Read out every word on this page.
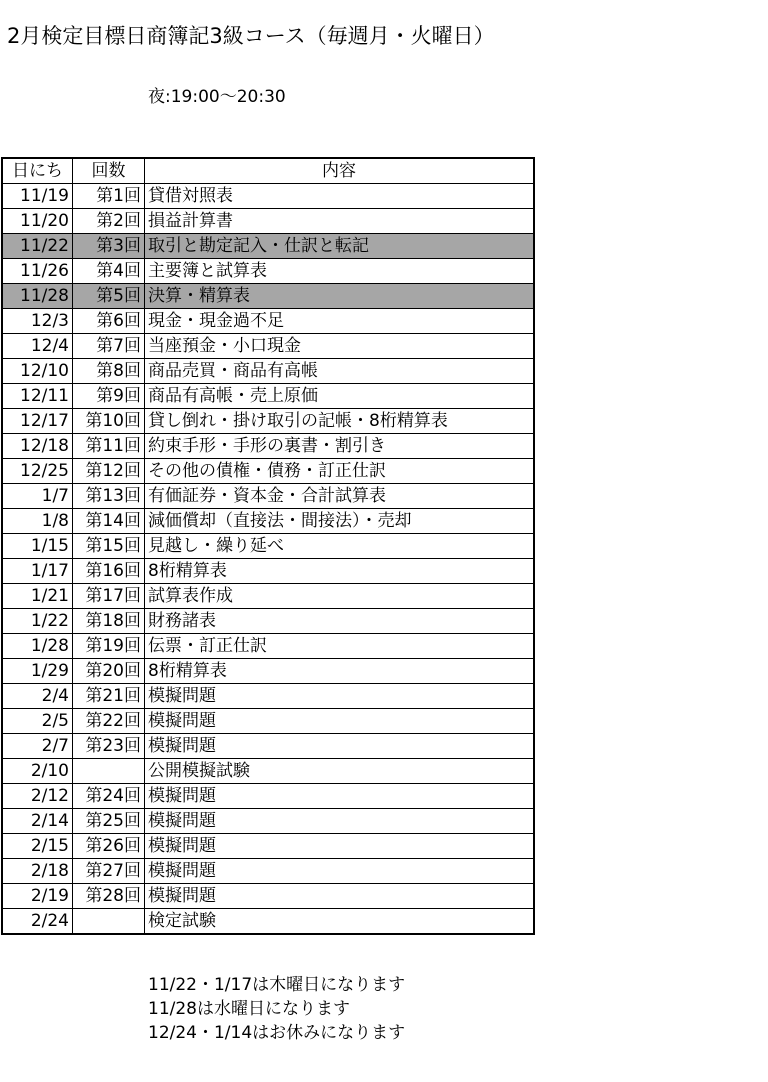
2月検定目標日商簿記3級コース（毎週月・火曜日）
夜:19:00～20:30
日にち	回数	内容
11/19	第1回	貸借対照表
11/20	第2回	損益計算書
11/22	第3回	取引と勘定記入・仕訳と転記
11/26	第4回	主要簿と試算表
11/28	第5回	決算・精算表
12/3	第6回	現金・現金過不足
12/4	第7回	当座預金・小口現金
12/10	第8回	商品売買・商品有高帳
12/11	第9回	商品有高帳・売上原価
12/17	第10回	貸し倒れ・掛け取引の記帳・8桁精算表
12/18	第11回	約束手形・手形の裏書・割引き
12/25	第12回	その他の債権・債務・訂正仕訳
1/7	第13回	有価証券・資本金・合計試算表
1/8	第14回	減価償却（直接法・間接法）・売却
1/15	第15回	見越し・繰り延べ
1/17	第16回	8桁精算表
1/21	第17回	試算表作成
1/22	第18回	財務諸表
1/28	第19回	伝票・訂正仕訳
1/29	第20回	8桁精算表
2/4	第21回	模擬問題
2/5	第22回	模擬問題
2/7	第23回	模擬問題
2/10		公開模擬試験
2/12	第24回	模擬問題
2/14	第25回	模擬問題
2/15	第26回	模擬問題
2/18	第27回	模擬問題
2/19	第28回	模擬問題
2/24		検定試験
11/22・1/17は木曜日になります
11/28は水曜日になります
12/24・1/14はお休みになります
